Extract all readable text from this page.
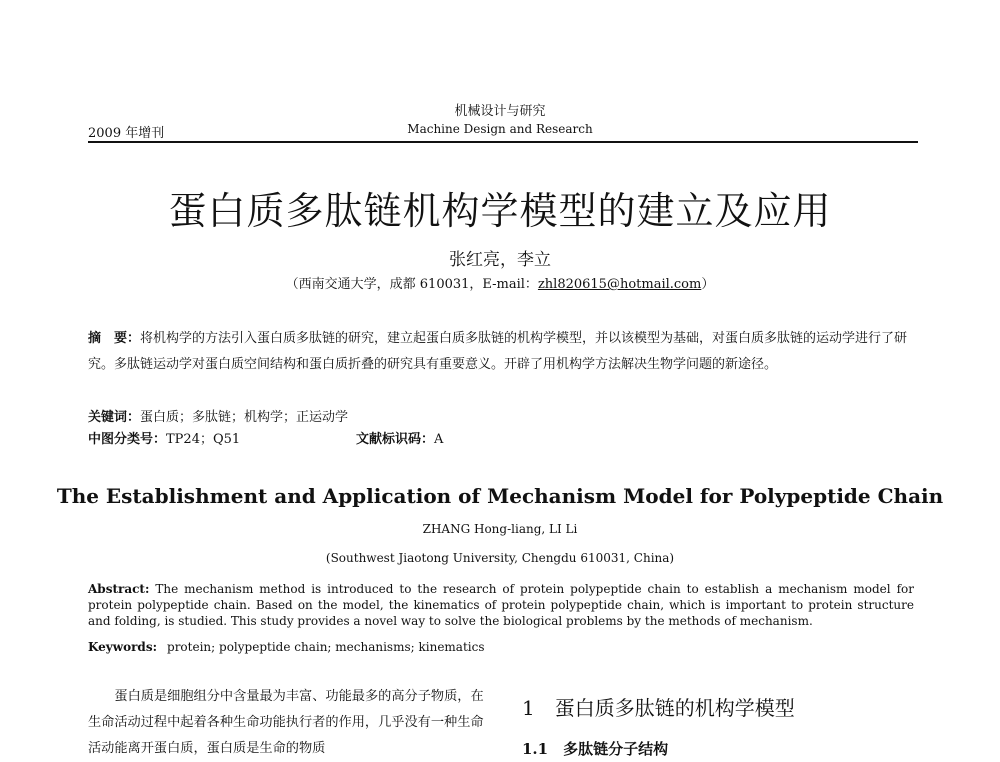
机械设计与研究
Machine Design and Research
2009 年增刊
蛋白质多肽链机构学模型的建立及应用
张红亮，李立
（西南交通大学，成都 610031，E-mail：zhl820615@hotmail.com）
摘　要：将机构学的方法引入蛋白质多肽链的研究，建立起蛋白质多肽链的机构学模型，并以该模型为基础，对蛋白质多肽链的运动学进行了研究。多肽链运动学对蛋白质空间结构和蛋白质折叠的研究具有重要意义。开辟了用机构学方法解决生物学问题的新途径。
关键词：蛋白质；多肽链；机构学；正运动学
中图分类号：TP24；Q51	文献标识码：A
The Establishment and Application of Mechanism Model for Polypeptide Chain
ZHANG Hong-liang, LI Li
(Southwest Jiaotong University, Chengdu 610031, China)
Abstract: The mechanism method is introduced to the research of protein polypeptide chain to establish a mechanism model for protein polypeptide chain. Based on the model, the kinematics of protein polypeptide chain, which is important to protein structure and folding, is studied. This study provides a novel way to solve the biological problems by the methods of mechanism.
Keywords: protein; polypeptide chain; mechanisms; kinematics

蛋白质是细胞组分中含量最为丰富、功能最多的高分子物质，在生命活动过程中起着各种生命功能执行者的作用，几乎没有一种生命活动能离开蛋白质，蛋白质是生命的物质

1　蛋白质多肽链的机构学模型
1.1　多肽链分子结构
